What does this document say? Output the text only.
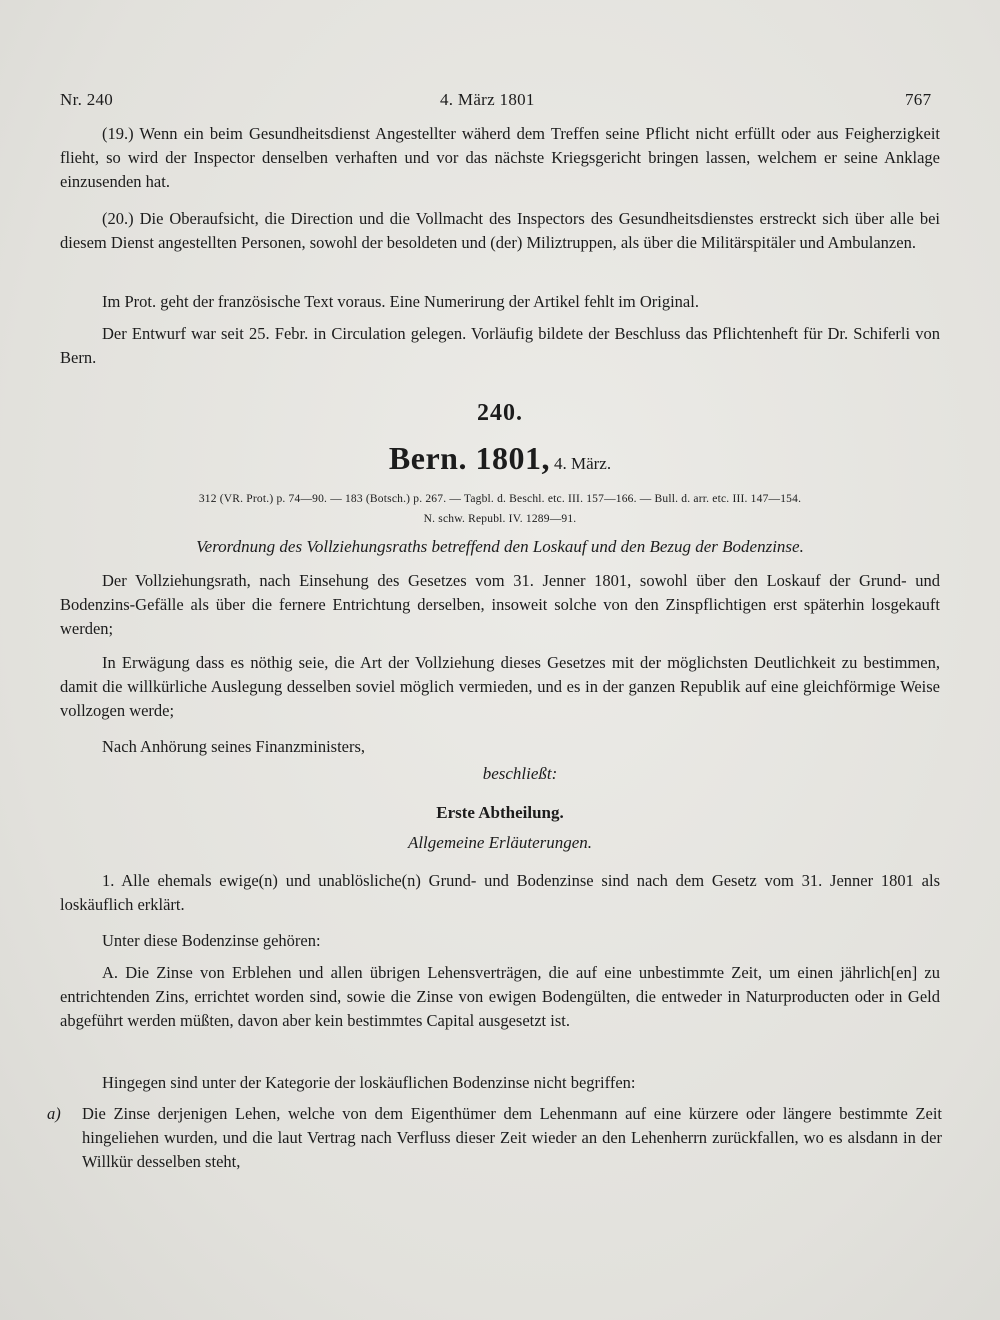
Nr. 240	4. März 1801	767
(19.) Wenn ein beim Gesundheitsdienst Angestellter wäherd dem Treffen seine Pflicht nicht erfüllt oder aus Feigherzigkeit flieht, so wird der Inspector denselben verhaften und vor das nächste Kriegsgericht bringen lassen, welchem er seine Anklage einzusenden hat.
(20.) Die Oberaufsicht, die Direction und die Vollmacht des Inspectors des Gesundheitsdienstes erstreckt sich über alle bei diesem Dienst angestellten Personen, sowohl der besoldeten und (der) Miliztruppen, als über die Militärspitäler und Ambulanzen.
Im Prot. geht der französische Text voraus. Eine Numerirung der Artikel fehlt im Original.
Der Entwurf war seit 25. Febr. in Circulation gelegen. Vorläufig bildete der Beschluss das Pflichtenheft für Dr. Schiferli von Bern.
240.
Bern. 1801, 4. März.
312 (VR. Prot.) p. 74—90. — 183 (Botsch.) p. 267. — Tagbl. d. Beschl. etc. III. 157—166. — Bull. d. arr. etc. III. 147—154.
N. schw. Republ. IV. 1289—91.
Verordnung des Vollziehungsraths betreffend den Loskauf und den Bezug der Bodenzinse.
Der Vollziehungsrath, nach Einsehung des Gesetzes vom 31. Jenner 1801, sowohl über den Loskauf der Grund- und Bodenzins-Gefälle als über die fernere Entrichtung derselben, insoweit solche von den Zinspflichtigen erst späterhin losgekauft werden;
In Erwägung dass es nöthig seie, die Art der Vollziehung dieses Gesetzes mit der möglichsten Deutlichkeit zu bestimmen, damit die willkürliche Auslegung desselben soviel möglich vermieden, und es in der ganzen Republik auf eine gleichförmige Weise vollzogen werde;
Nach Anhörung seines Finanzministers,
beschließt:
Erste Abtheilung.
Allgemeine Erläuterungen.
1. Alle ehemals ewige(n) und unablösliche(n) Grund- und Bodenzinse sind nach dem Gesetz vom 31. Jenner 1801 als loskäuflich erklärt.
Unter diese Bodenzinse gehören:
A. Die Zinse von Erblehen und allen übrigen Lehensverträgen, die auf eine unbestimmte Zeit, um einen jährlich[en] zu entrichtenden Zins, errichtet worden sind, sowie die Zinse von ewigen Bodengülten, die entweder in Naturproducten oder in Geld abgeführt werden müßten, davon aber kein bestimmtes Capital ausgesetzt ist.
Hingegen sind unter der Kategorie der loskäuflichen Bodenzinse nicht begriffen:
a) Die Zinse derjenigen Lehen, welche von dem Eigenthümer dem Lehenmann auf eine kürzere oder längere bestimmte Zeit hingeliehen wurden, und die laut Vertrag nach Verfluss dieser Zeit wieder an den Lehenherrn zurückfallen, wo es alsdann in der Willkür desselben steht,
